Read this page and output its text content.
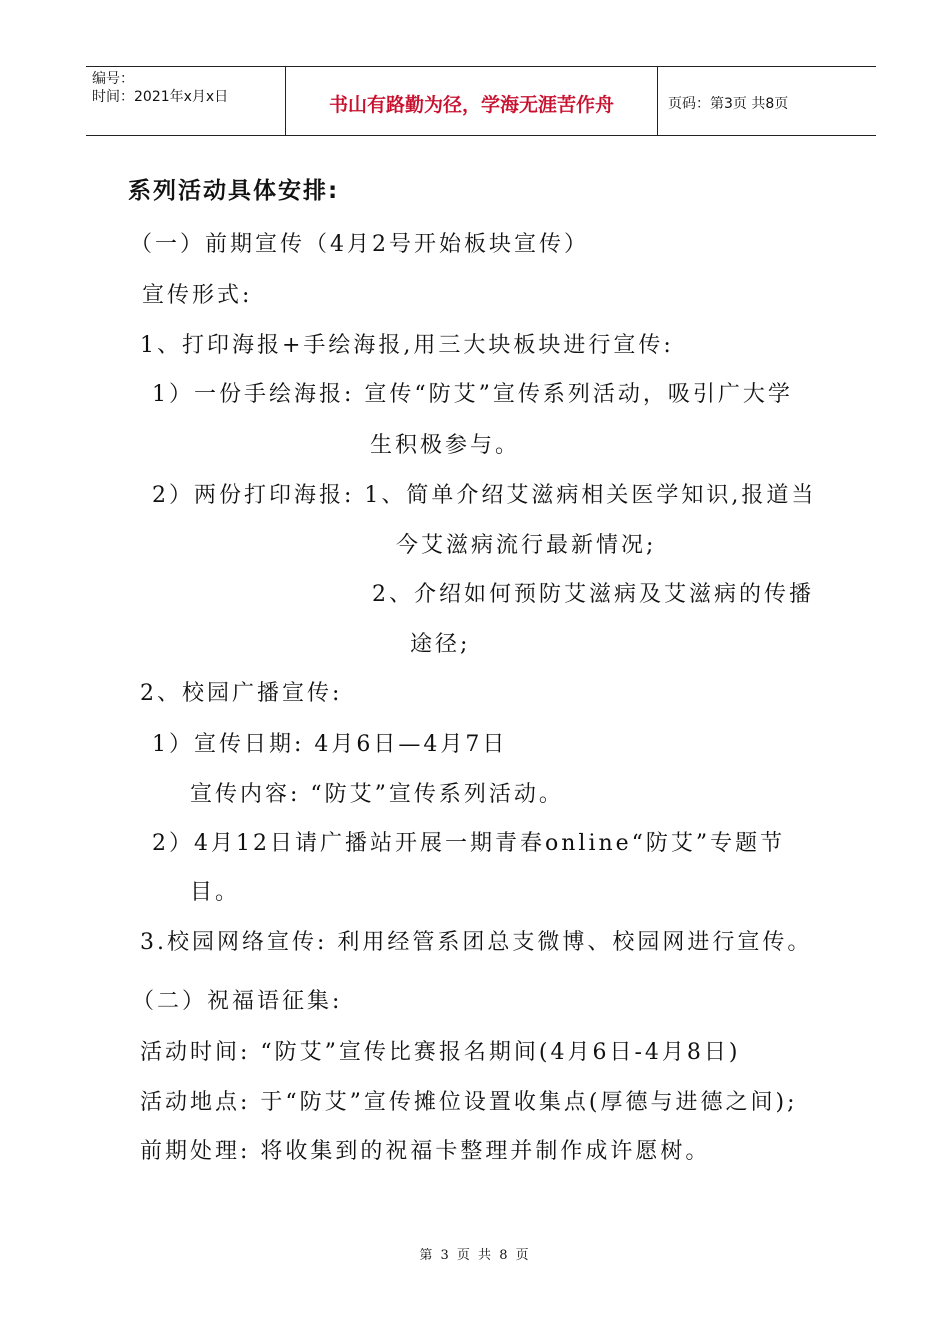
编号：
时间：2021年x月x日	书山有路勤为径，学海无涯苦作舟	页码：第3页 共8页
系列活动具体安排:
（一）前期宣传（4月2号开始板块宣传）
宣传形式:
1、打印海报+手绘海报,用三大块板块进行宣传:
1）一份手绘海报: 宣传“防艾”宣传系列活动，吸引广大学
生积极参与。
2）两份打印海报: 1、简单介绍艾滋病相关医学知识,报道当
今艾滋病流行最新情况;
2、介绍如何预防艾滋病及艾滋病的传播
途径;
2、校园广播宣传:
1）宣传日期: 4月6日—4月7日
宣传内容: “防艾”宣传系列活动。
2）4月12日请广播站开展一期青春online“防艾”专题节
目。
3.校园网络宣传: 利用经管系团总支微博、校园网进行宣传。
（二）祝福语征集:
活动时间: “防艾”宣传比赛报名期间(4月6日-4月8日)
活动地点: 于“防艾”宣传摊位设置收集点(厚德与进德之间);
前期处理: 将收集到的祝福卡整理并制作成许愿树。
第 3 页 共 8 页
